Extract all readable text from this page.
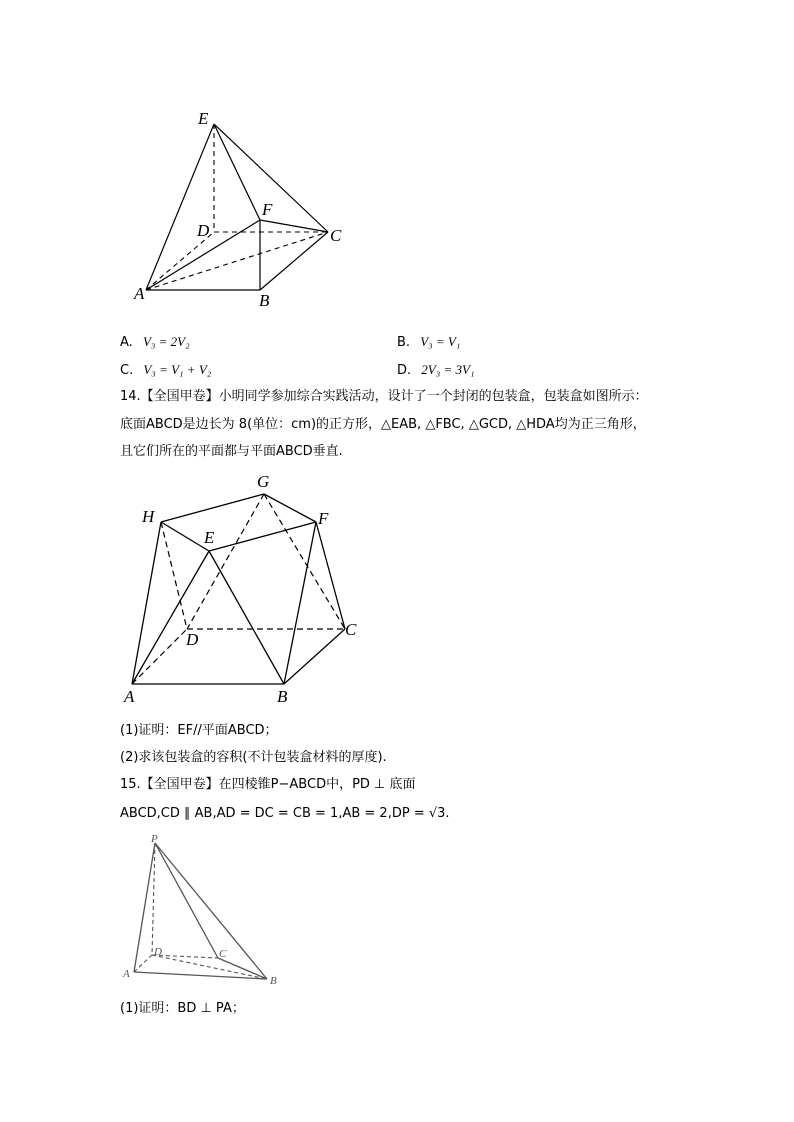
E
F
D	C
A	B
A. V₃ = 2V₂	B. V₃ = V₁
C. V₃ = V₁ + V₂	D. 2V₃ = 3V₁
14.【全国甲卷】小明同学参加综合实践活动，设计了一个封闭的包装盒，包装盒如图所示：
底面ABCD是边长为 8(单位：cm)的正方形，△EAB, △FBC, △GCD, △HDA均为正三角形，
且它们所在的平面都与平面ABCD垂直.
G
H	F
E
D
C
A	B
(1)证明：EF//平面ABCD；
(2)求该包装盒的容积(不计包装盒材料的厚度).
15.【全国甲卷】在四棱锥P−ABCD中，PD ⊥ 底面
ABCD,CD ∥ AB,AD = DC = CB = 1,AB = 2,DP = √3.
P
D	C
A
B
(1)证明：BD ⊥ PA；
